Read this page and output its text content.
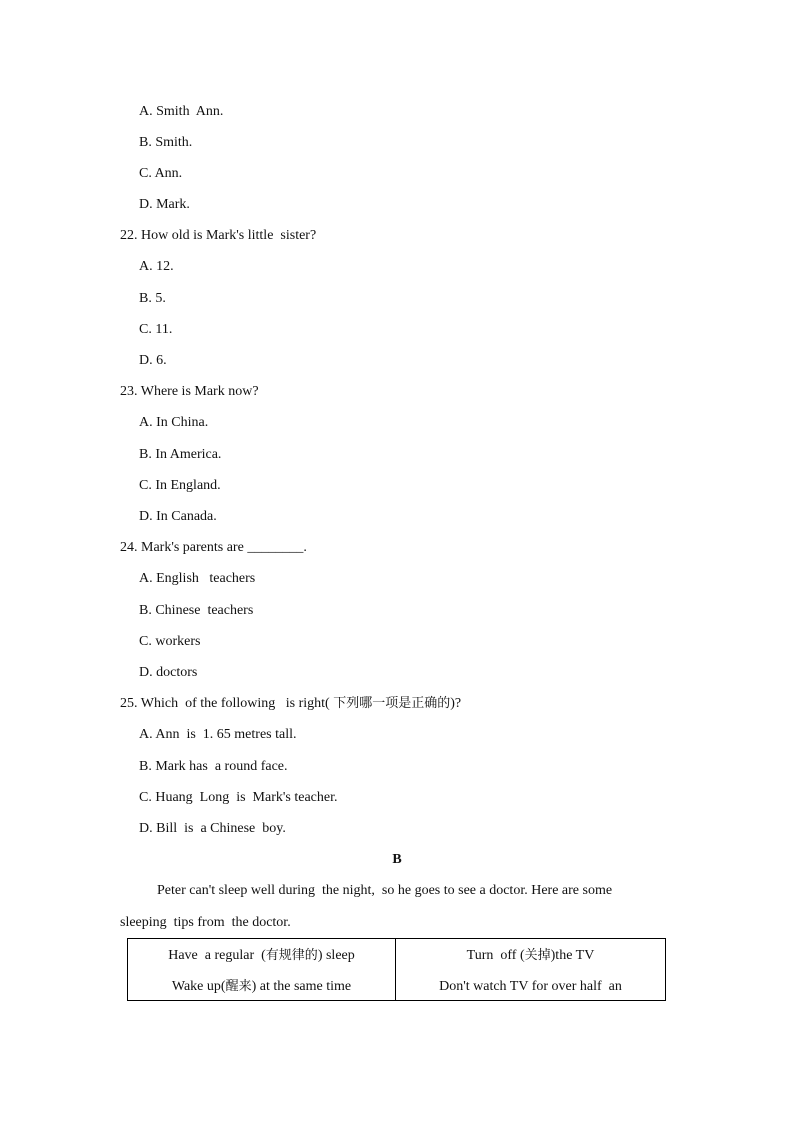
A. Smith  Ann.
B. Smith.
C. Ann.
D. Mark.
22. How old is Mark's little  sister?
A. 12.
B. 5.
C. 11.
D. 6.
23. Where is Mark now?
A. In China.
B. In America.
C. In England.
D. In Canada.
24. Mark's parents are ________.
A. English   teachers
B. Chinese  teachers
C. workers
D. doctors
25. Which  of the following   is right( 下列哪一项是正确的)?
A. Ann  is  1. 65 metres tall.
B. Mark has  a round face.
C. Huang  Long  is  Mark's teacher.
D. Bill  is  a Chinese  boy.
B
Peter can't sleep well during  the night,  so he goes to see a doctor. Here are some
sleeping  tips from  the doctor.
Have  a regular  (有规律的) sleep
Wake up(醒来) at the same time
Turn  off (关掉)the TV
Don't watch TV for over half  an
